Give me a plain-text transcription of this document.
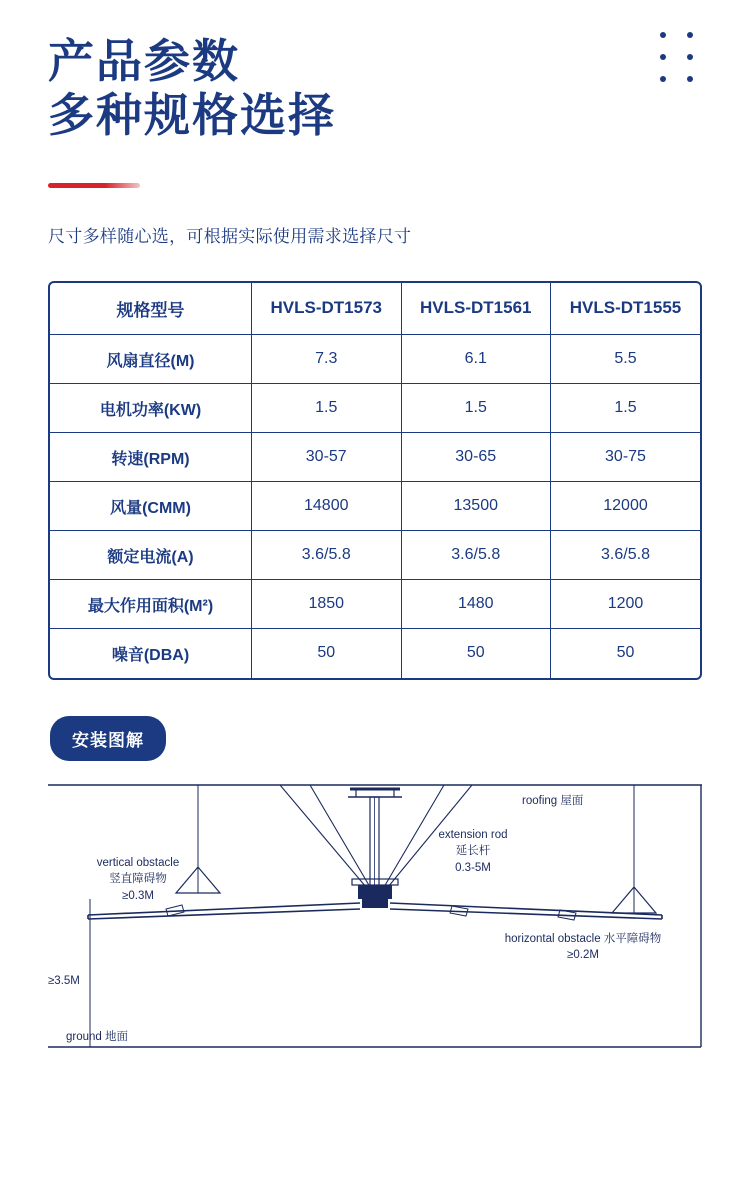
产品参数
多种规格选择
尺寸多样随心选，可根据实际使用需求选择尺寸
规格型号	HVLS-DT1573	HVLS-DT1561	HVLS-DT1555
风扇直径(M)	7.3	6.1	5.5
电机功率(KW)	1.5	1.5	1.5
转速(RPM)	30-57	30-65	30-75
风量(CMM)	14800	13500	12000
额定电流(A)	3.6/5.8	3.6/5.8	3.6/5.8
最大作用面积(M²)	1850	1480	1200
噪音(DBA)	50	50	50
安装图解
roofing 屋面
extension rod
延长杆
0.3-5M
vertical obstacle
竖直障碍物
≥0.3M
horizontal obstacle 水平障碍物
≥0.2M
≥3.5M
ground 地面
